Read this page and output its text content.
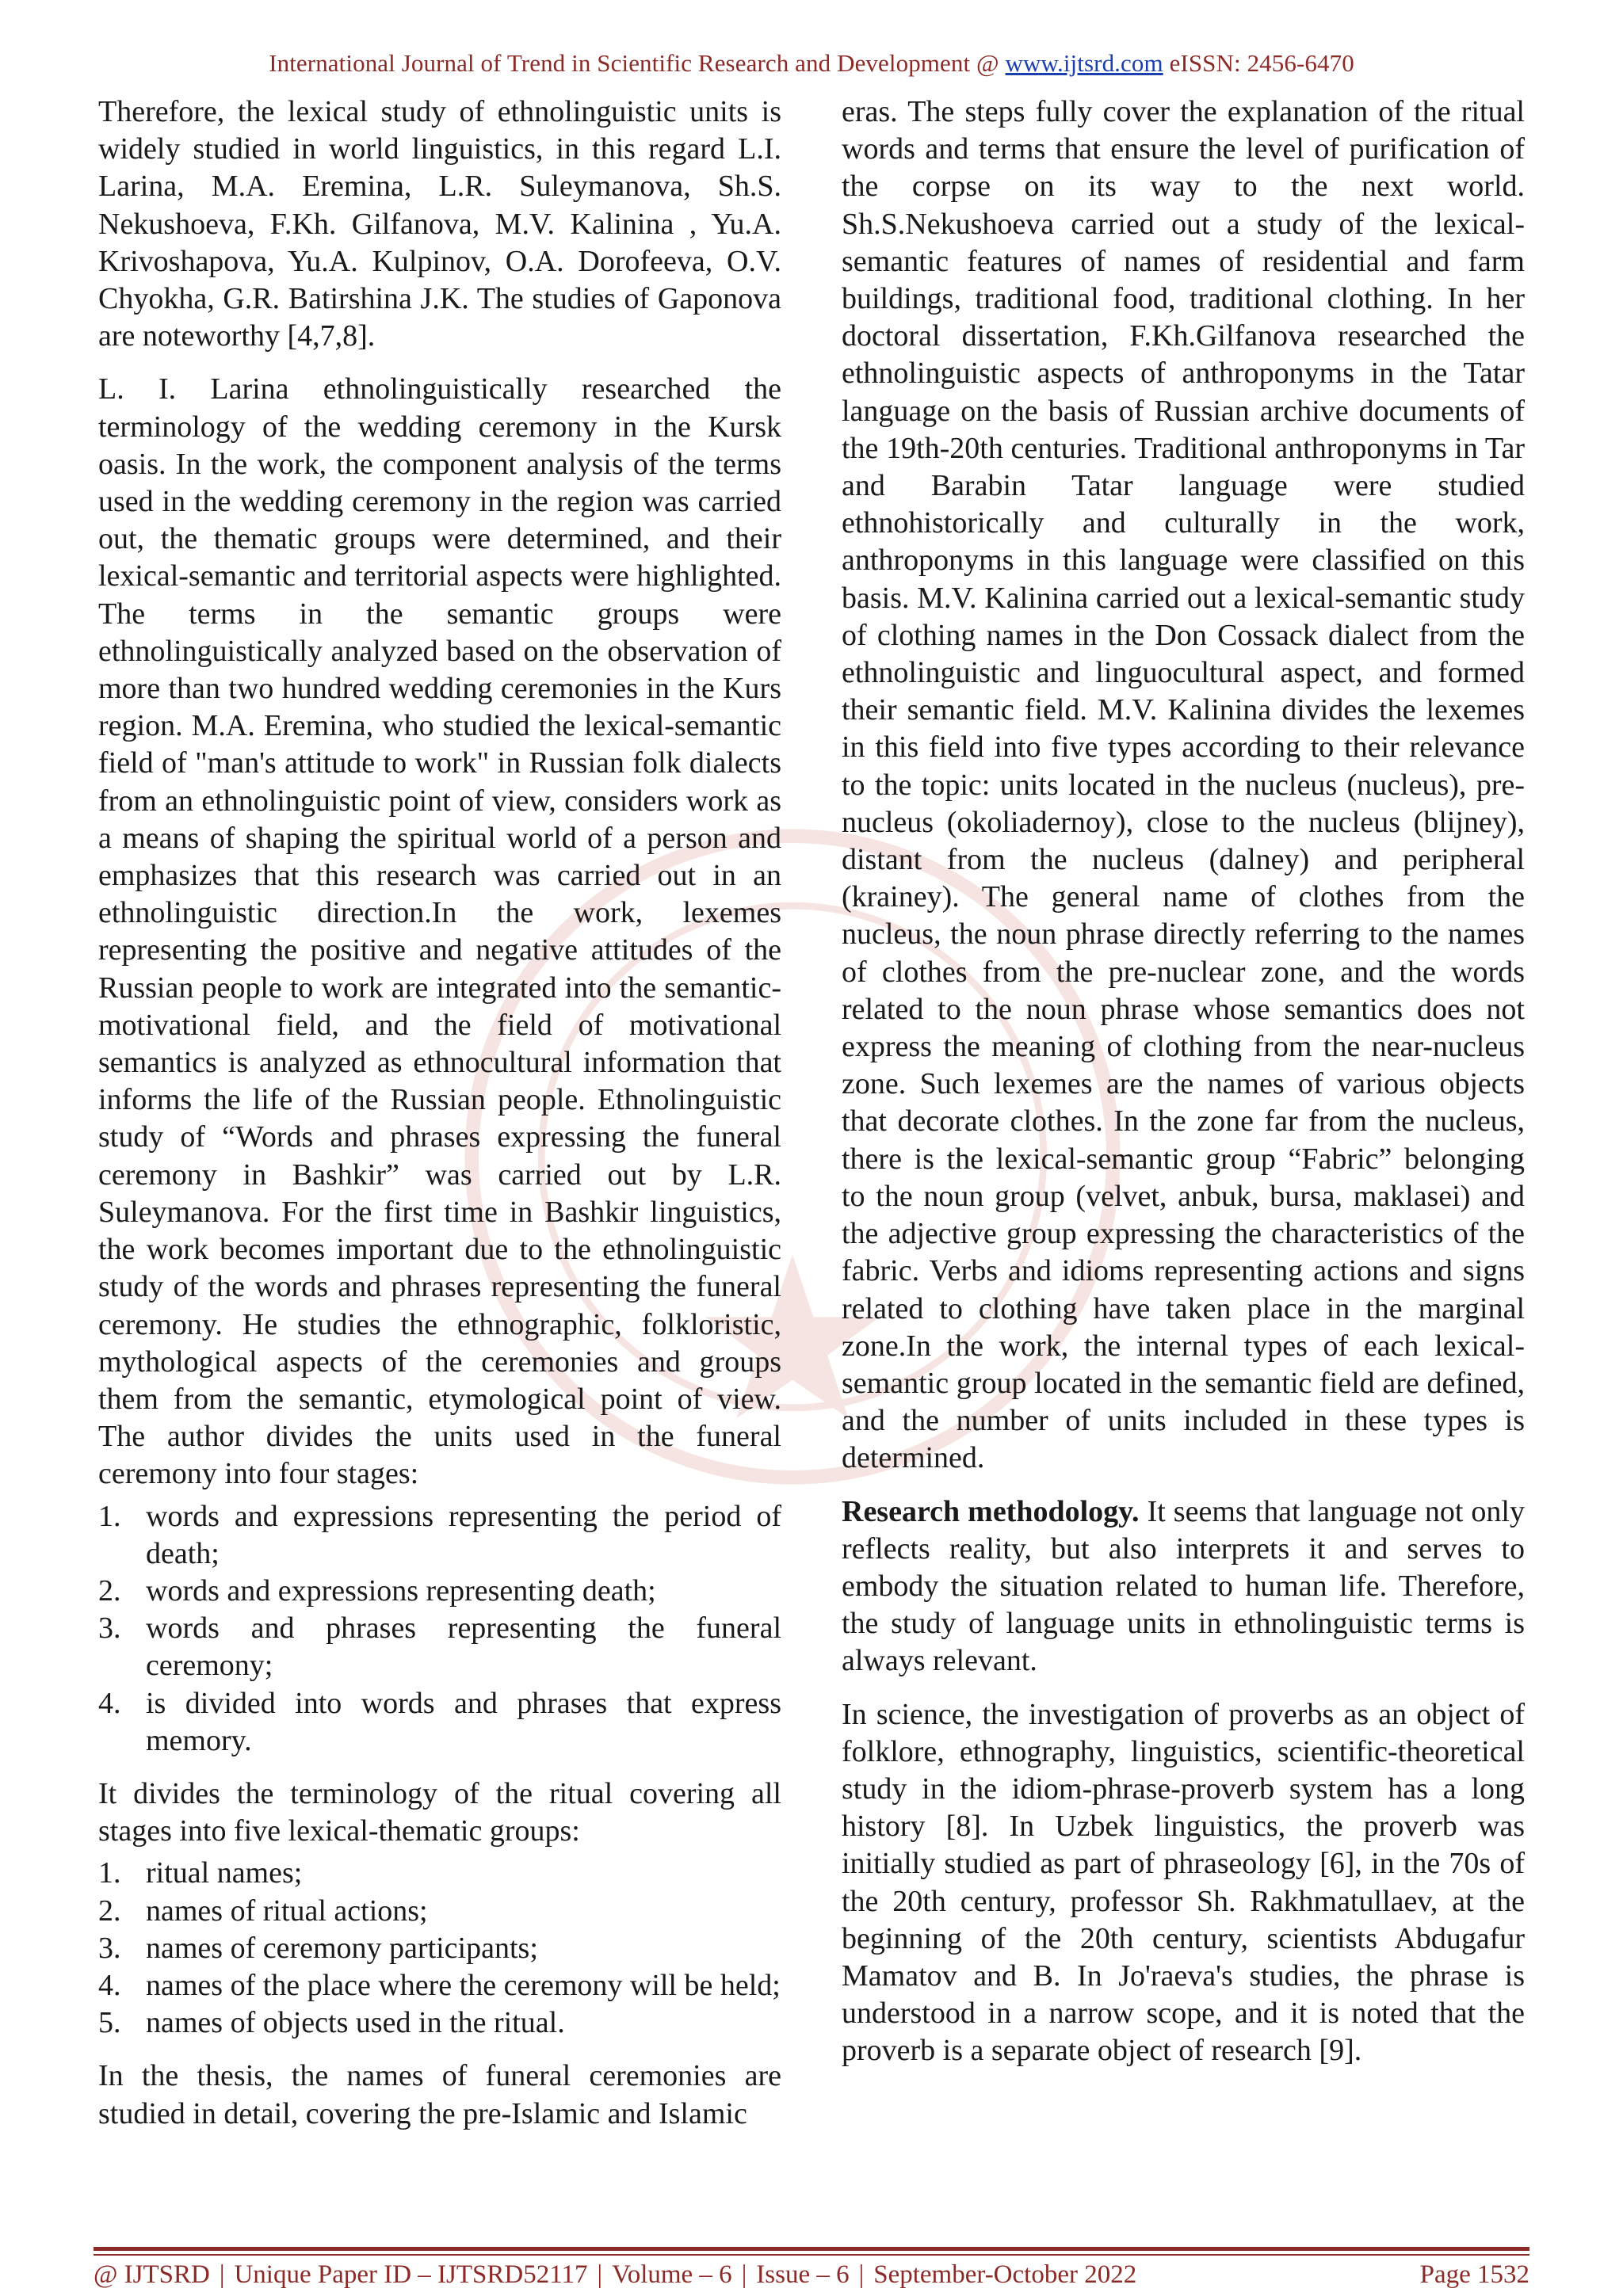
International Journal of Trend in Scientific Research and Development @ www.ijtsrd.com eISSN: 2456-6470

Therefore, the lexical study of ethnolinguistic units is widely studied in world linguistics, in this regard L.I. Larina, M.A. Eremina, L.R. Suleymanova, Sh.S. Nekushoeva, F.Kh. Gilfanova, M.V. Kalinina , Yu.A. Krivoshapova, Yu.A. Kulpinov, O.A. Dorofeeva, O.V. Chyokha, G.R. Batirshina J.K. The studies of Gaponova are noteworthy [4,7,8].

L. I. Larina ethnolinguistically researched the terminology of the wedding ceremony in the Kursk oasis. In the work, the component analysis of the terms used in the wedding ceremony in the region was carried out, the thematic groups were determined, and their lexical-semantic and territorial aspects were highlighted. The terms in the semantic groups were ethnolinguistically analyzed based on the observation of more than two hundred wedding ceremonies in the Kurs region. M.A. Eremina, who studied the lexical-semantic field of "man's attitude to work" in Russian folk dialects from an ethnolinguistic point of view, considers work as a means of shaping the spiritual world of a person and emphasizes that this research was carried out in an ethnolinguistic direction.In the work, lexemes representing the positive and negative attitudes of the Russian people to work are integrated into the semantic-motivational field, and the field of motivational semantics is analyzed as ethnocultural information that informs the life of the Russian people. Ethnolinguistic study of “Words and phrases expressing the funeral ceremony in Bashkir” was carried out by L.R. Suleymanova. For the first time in Bashkir linguistics, the work becomes important due to the ethnolinguistic study of the words and phrases representing the funeral ceremony. He studies the ethnographic, folkloristic, mythological aspects of the ceremonies and groups them from the semantic, etymological point of view. The author divides the units used in the funeral ceremony into four stages:

1. words and expressions representing the period of death;
2. words and expressions representing death;
3. words and phrases representing the funeral ceremony;
4. is divided into words and phrases that express memory.

It divides the terminology of the ritual covering all stages into five lexical-thematic groups:

1. ritual names;
2. names of ritual actions;
3. names of ceremony participants;
4. names of the place where the ceremony will be held;
5. names of objects used in the ritual.

In the thesis, the names of funeral ceremonies are studied in detail, covering the pre-Islamic and Islamic

eras. The steps fully cover the explanation of the ritual words and terms that ensure the level of purification of the corpse on its way to the next world. Sh.S.Nekushoeva carried out a study of the lexical-semantic features of names of residential and farm buildings, traditional food, traditional clothing. In her doctoral dissertation, F.Kh.Gilfanova researched the ethnolinguistic aspects of anthroponyms in the Tatar language on the basis of Russian archive documents of the 19th-20th centuries. Traditional anthroponyms in Tar and Barabin Tatar language were studied ethnohistorically and culturally in the work, anthroponyms in this language were classified on this basis. M.V. Kalinina carried out a lexical-semantic study of clothing names in the Don Cossack dialect from the ethnolinguistic and linguocultural aspect, and formed their semantic field. M.V. Kalinina divides the lexemes in this field into five types according to their relevance to the topic: units located in the nucleus (nucleus), pre-nucleus (okoliadernoy), close to the nucleus (blijney), distant from the nucleus (dalney) and peripheral (krainey). The general name of clothes from the nucleus, the noun phrase directly referring to the names of clothes from the pre-nuclear zone, and the words related to the noun phrase whose semantics does not express the meaning of clothing from the near-nucleus zone. Such lexemes are the names of various objects that decorate clothes. In the zone far from the nucleus, there is the lexical-semantic group “Fabric” belonging to the noun group (velvet, anbuk, bursa, maklasei) and the adjective group expressing the characteristics of the fabric. Verbs and idioms representing actions and signs related to clothing have taken place in the marginal zone.In the work, the internal types of each lexical-semantic group located in the semantic field are defined, and the number of units included in these types is determined.

Research methodology. It seems that language not only reflects reality, but also interprets it and serves to embody the situation related to human life. Therefore, the study of language units in ethnolinguistic terms is always relevant.

In science, the investigation of proverbs as an object of folklore, ethnography, linguistics, scientific-theoretical study in the idiom-phrase-proverb system has a long history [8]. In Uzbek linguistics, the proverb was initially studied as part of phraseology [6], in the 70s of the 20th century, professor Sh. Rakhmatullaev, at the beginning of the 20th century, scientists Abdugafur Mamatov and B. In Jo'raeva's studies, the phrase is understood in a narrow scope, and it is noted that the proverb is a separate object of research [9].

@ IJTSRD | Unique Paper ID – IJTSRD52117 | Volume – 6 | Issue – 6 | September-October 2022	Page 1532
